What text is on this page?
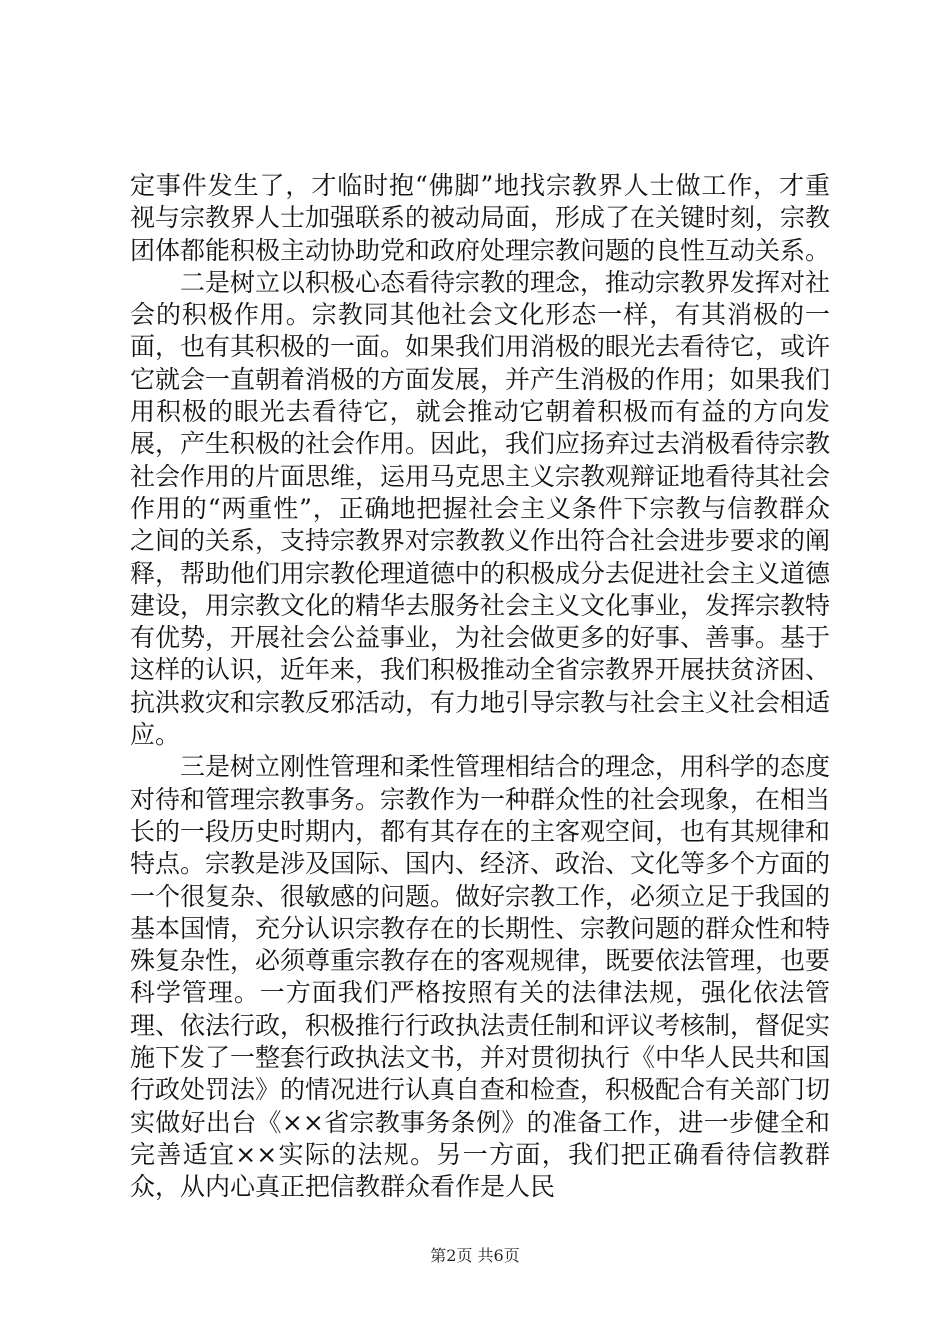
定事件发生了，才临时抱“佛脚”地找宗教界人士做工作，才重视与宗教界人士加强联系的被动局面，形成了在关键时刻，宗教团体都能积极主动协助党和政府处理宗教问题的良性互动关系。

二是树立以积极心态看待宗教的理念，推动宗教界发挥对社会的积极作用。宗教同其他社会文化形态一样，有其消极的一面，也有其积极的一面。如果我们用消极的眼光去看待它，或许它就会一直朝着消极的方面发展，并产生消极的作用；如果我们用积极的眼光去看待它，就会推动它朝着积极而有益的方向发展，产生积极的社会作用。因此，我们应扬弃过去消极看待宗教社会作用的片面思维，运用马克思主义宗教观辩证地看待其社会作用的“两重性”，正确地把握社会主义条件下宗教与信教群众之间的关系，支持宗教界对宗教教义作出符合社会进步要求的阐释，帮助他们用宗教伦理道德中的积极成分去促进社会主义道德建设，用宗教文化的精华去服务社会主义文化事业，发挥宗教特有优势，开展社会公益事业，为社会做更多的好事、善事。基于这样的认识，近年来，我们积极推动全省宗教界开展扶贫济困、抗洪救灾和宗教反邪活动，有力地引导宗教与社会主义社会相适应。

三是树立刚性管理和柔性管理相结合的理念，用科学的态度对待和管理宗教事务。宗教作为一种群众性的社会现象，在相当长的一段历史时期内，都有其存在的主客观空间，也有其规律和特点。宗教是涉及国际、国内、经济、政治、文化等多个方面的一个很复杂、很敏感的问题。做好宗教工作，必须立足于我国的基本国情，充分认识宗教存在的长期性、宗教问题的群众性和特殊复杂性，必须尊重宗教存在的客观规律，既要依法管理，也要科学管理。一方面我们严格按照有关的法律法规，强化依法管理、依法行政，积极推行行政执法责任制和评议考核制，督促实施下发了一整套行政执法文书，并对贯彻执行《中华人民共和国行政处罚法》的情况进行认真自查和检查，积极配合有关部门切实做好出台《××省宗教事务条例》的准备工作，进一步健全和完善适宜××实际的法规。另一方面，我们把正确看待信教群众，从内心真正把信教群众看作是人民

第2页 共6页
